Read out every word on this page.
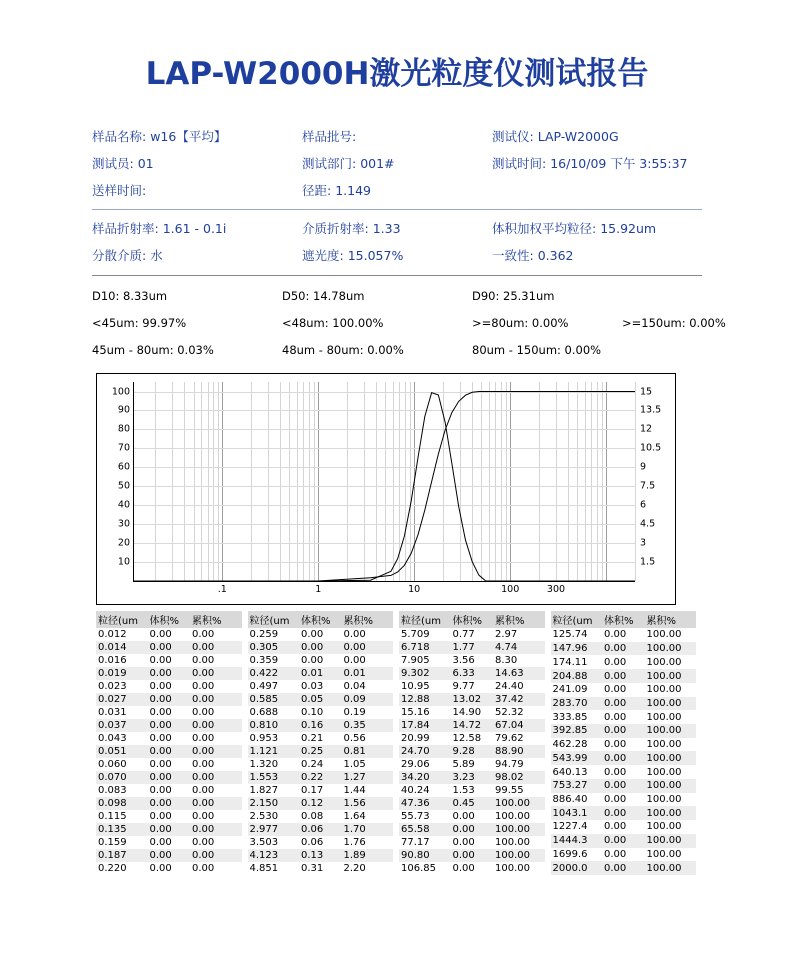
LAP-W2000H激光粒度仪测试报告
样品名称: w16【平均】	样品批号:	测试仪: LAP-W2000G
测试员: 01	测试部门: 001#	测试时间: 16/10/09 下午 3:55:37
送样时间:	径距: 1.149
样品折射率: 1.61 - 0.1i	介质折射率: 1.33	体积加权平均粒径: 15.92um
分散介质: 水	遮光度: 15.057%	一致性: 0.362
D10: 8.33um	D50: 14.78um	D90: 25.31um
<45um: 99.97%	<48um: 100.00%	>=80um: 0.00%	>=150um: 0.00%
45um - 80um: 0.03%	48um - 80um: 0.00%	80um - 150um: 0.00%
10
20
30
40
50
60
70
80
90
100
1.5
3
4.5
6
7.5
9
10.5
12
13.5
15
.1	1	10	100	300
粒径(um	体积%	累积%
0.012	0.00	0.00
0.014	0.00	0.00
0.016	0.00	0.00
0.019	0.00	0.00
0.023	0.00	0.00
0.027	0.00	0.00
0.031	0.00	0.00
0.037	0.00	0.00
0.043	0.00	0.00
0.051	0.00	0.00
0.060	0.00	0.00
0.070	0.00	0.00
0.083	0.00	0.00
0.098	0.00	0.00
0.115	0.00	0.00
0.135	0.00	0.00
0.159	0.00	0.00
0.187	0.00	0.00
0.220	0.00	0.00
粒径(um	体积%	累积%
0.259	0.00	0.00
0.305	0.00	0.00
0.359	0.00	0.00
0.422	0.01	0.01
0.497	0.03	0.04
0.585	0.05	0.09
0.688	0.10	0.19
0.810	0.16	0.35
0.953	0.21	0.56
1.121	0.25	0.81
1.320	0.24	1.05
1.553	0.22	1.27
1.827	0.17	1.44
2.150	0.12	1.56
2.530	0.08	1.64
2.977	0.06	1.70
3.503	0.06	1.76
4.123	0.13	1.89
4.851	0.31	2.20
粒径(um	体积%	累积%
5.709	0.77	2.97
6.718	1.77	4.74
7.905	3.56	8.30
9.302	6.33	14.63
10.95	9.77	24.40
12.88	13.02	37.42
15.16	14.90	52.32
17.84	14.72	67.04
20.99	12.58	79.62
24.70	9.28	88.90
29.06	5.89	94.79
34.20	3.23	98.02
40.24	1.53	99.55
47.36	0.45	100.00
55.73	0.00	100.00
65.58	0.00	100.00
77.17	0.00	100.00
90.80	0.00	100.00
106.85	0.00	100.00
粒径(um	体积%	累积%
125.74	0.00	100.00
147.96	0.00	100.00
174.11	0.00	100.00
204.88	0.00	100.00
241.09	0.00	100.00
283.70	0.00	100.00
333.85	0.00	100.00
392.85	0.00	100.00
462.28	0.00	100.00
543.99	0.00	100.00
640.13	0.00	100.00
753.27	0.00	100.00
886.40	0.00	100.00
1043.1	0.00	100.00
1227.4	0.00	100.00
1444.3	0.00	100.00
1699.6	0.00	100.00
2000.0	0.00	100.00
